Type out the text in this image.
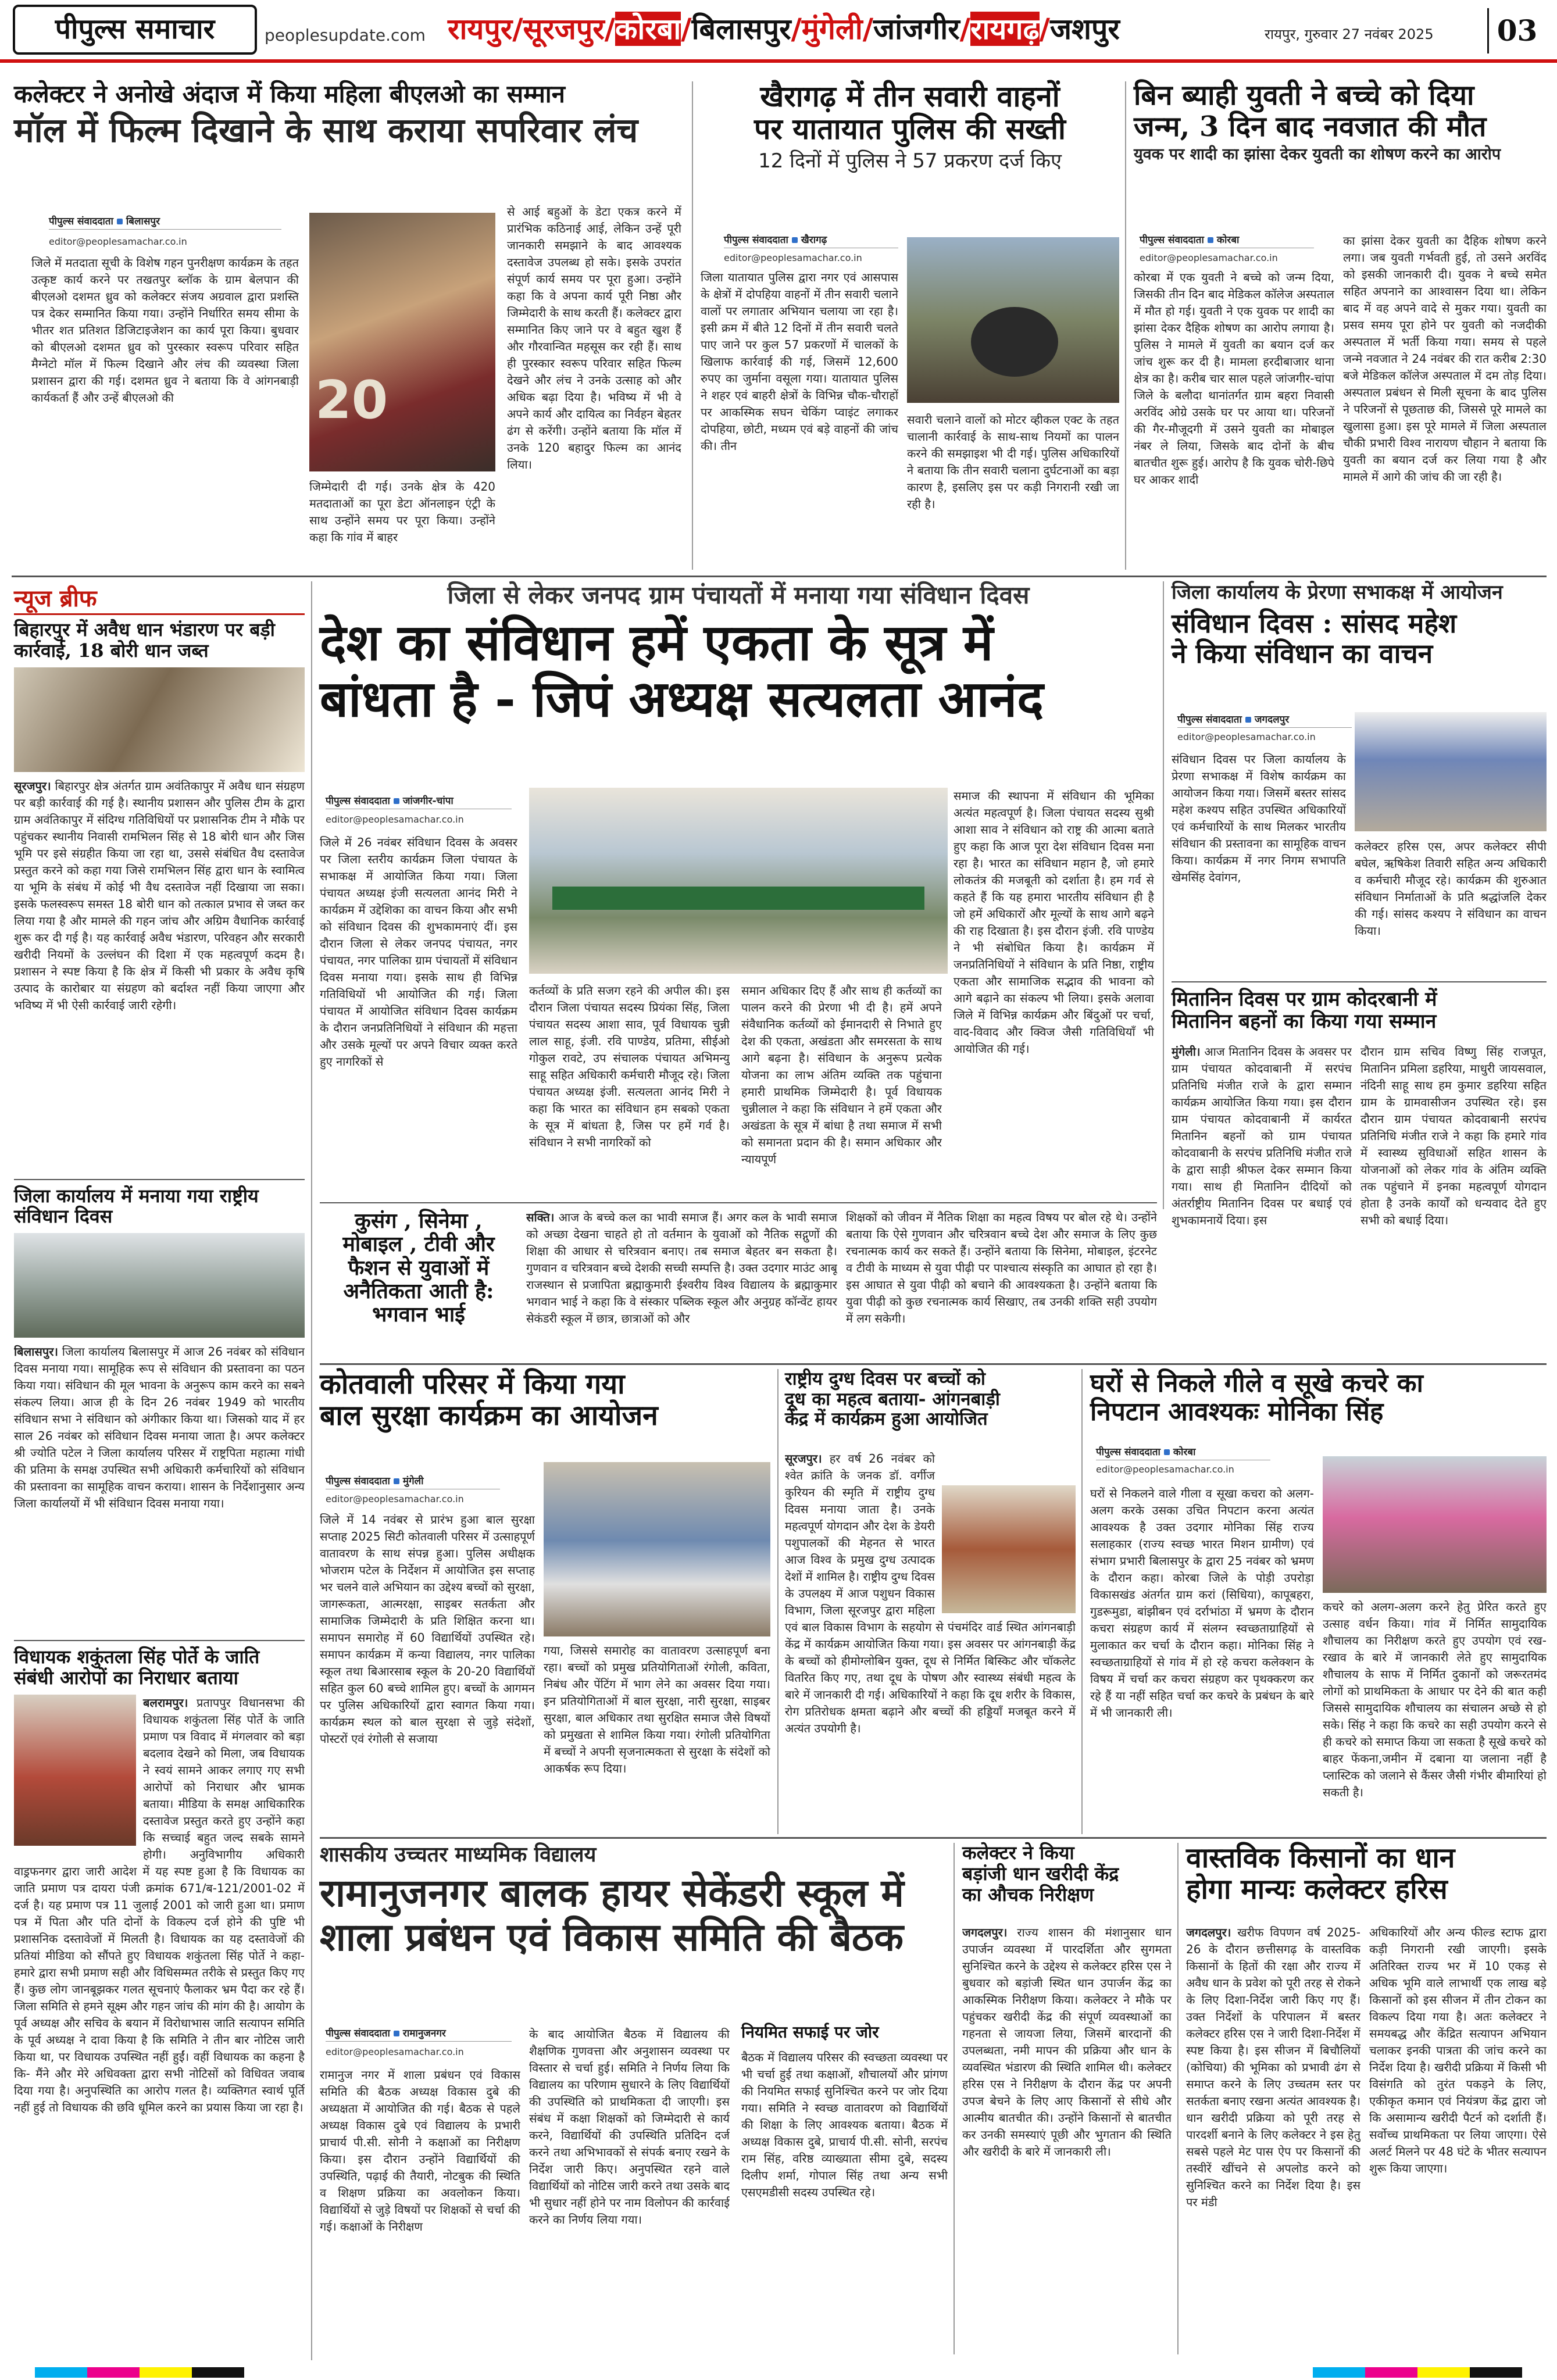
पीपुल्स समाचार	peoplesupdate.com रायपुर/सूरजपुर/कोरबा/बिलासपुर/मुंगेली/जांजगीर/रायगढ़/जशपुर	रायपुर, गुरुवार 27 नवंबर 2025 03
कलेक्टर ने अनोखे अंदाज में किया महिला बीएलओ का सम्मान
मॉल में फिल्म दिखाने के साथ कराया सपरिवार लंच
पीपुल्स संवाददाता बिलासपुर
editor@peoplesamachar.co.in
जिले में मतदाता सूची के विशेष गहन पुनरीक्षण कार्यक्रम के तहत उत्कृष्ट कार्य करने पर तखतपुर ब्लॉक के ग्राम बेलपान की बीएलओ दशमत ध्रुव को कलेक्टर संजय अग्रवाल द्वारा प्रशस्ति पत्र देकर सम्मानित किया गया। उन्होंने निर्धारित समय सीमा के भीतर शत प्रतिशत डिजिटाइजेशन का कार्य पूरा किया। बुधवार को बीएलओ दशमत ध्रुव को पुरस्कार स्वरूप परिवार सहित मैग्नेटो मॉल में फिल्म दिखाने और लंच की व्यवस्था जिला प्रशासन द्वारा की गई। दशमत ध्रुव ने बताया कि वे आंगनबाड़ी कार्यकर्ता हैं और उन्हें बीएलओ की	20
जिम्मेदारी दी गई। उनके क्षेत्र के 420 मतदाताओं का पूरा डेटा ऑनलाइन एंट्री के साथ उन्होंने समय पर पूरा किया। उन्होंने कहा कि गांव में बाहर
से आई बहुओं के डेटा एकत्र करने में प्रारंभिक कठिनाई आई, लेकिन उन्हें पूरी जानकारी समझाने के बाद आवश्यक दस्तावेज उपलब्ध हो सके। इसके उपरांत संपूर्ण कार्य समय पर पूरा हुआ। उन्होंने कहा कि वे अपना कार्य पूरी निष्ठा और जिम्मेदारी के साथ करती हैं। कलेक्टर द्वारा सम्मानित किए जाने पर वे बहुत खुश हैं और गौरवान्वित महसूस कर रही हैं। साथ ही पुरस्कार स्वरूप परिवार सहित फिल्म देखने और लंच ने उनके उत्साह को और अधिक बढ़ा दिया है। भविष्य में भी वे अपने कार्य और दायित्व का निर्वहन बेहतर ढंग से करेंगी। उन्होंने बताया कि मॉल में उनके 120 बहादुर फिल्म का आनंद लिया।
खैरागढ़ में तीन सवारी वाहनों
पर यातायात पुलिस की सख्ती
12 दिनों में पुलिस ने 57 प्रकरण दर्ज किए
पीपुल्स संवाददाता खैरागढ़
editor@peoplesamachar.co.in
जिला यातायात पुलिस द्वारा नगर एवं आसपास के क्षेत्रों में दोपहिया वाहनों में तीन सवारी चलाने वालों पर लगातार अभियान चलाया जा रहा है। इसी क्रम में बीते 12 दिनों में तीन सवारी चलते पाए जाने पर कुल 57 प्रकरणों में चालकों के खिलाफ कार्रवाई की गई, जिसमें 12,600 रुपए का जुर्माना वसूला गया। यातायात पुलिस ने शहर एवं बाहरी क्षेत्रों के विभिन्न चौक-चौराहों पर आकस्मिक सघन चेकिंग प्वाइंट लगाकर दोपहिया, छोटी, मध्यम एवं बड़े वाहनों की जांच की। तीन
सवारी चलाने वालों को मोटर व्हीकल एक्ट के तहत चालानी कार्रवाई के साथ-साथ नियमों का पालन करने की समझाइश भी दी गई। पुलिस अधिकारियों ने बताया कि तीन सवारी चलाना दुर्घटनाओं का बड़ा कारण है, इसलिए इस पर कड़ी निगरानी रखी जा रही है।
बिन ब्याही युवती ने बच्चे को दिया
जन्म, 3 दिन बाद नवजात की मौत
युवक पर शादी का झांसा देकर युवती का शोषण करने का आरोप
पीपुल्स संवाददाता कोरबा
editor@peoplesamachar.co.in
कोरबा में एक युवती ने बच्चे को जन्म दिया, जिसकी तीन दिन बाद मेडिकल कॉलेज अस्पताल में मौत हो गई। युवती ने एक युवक पर शादी का झांसा देकर दैहिक शोषण का आरोप लगाया है। पुलिस ने मामले में युवती का बयान दर्ज कर जांच शुरू कर दी है। मामला हरदीबाजार थाना क्षेत्र का है। करीब चार साल पहले जांजगीर-चांपा जिले के बलौदा थानांतर्गत ग्राम बहरा निवासी अरविंद ओग्रे उसके घर पर आया था। परिजनों की गैर-मौजूदगी में उसने युवती का मोबाइल नंबर ले लिया, जिसके बाद दोनों के बीच बातचीत शुरू हुई। आरोप है कि युवक चोरी-छिपे घर आकर शादी
का झांसा देकर युवती का दैहिक शोषण करने लगा। जब युवती गर्भवती हुई, तो उसने अरविंद को इसकी जानकारी दी। युवक ने बच्चे समेत सहित अपनाने का आश्वासन दिया था। लेकिन बाद में वह अपने वादे से मुकर गया। युवती का प्रसव समय पूरा होने पर युवती को नजदीकी अस्पताल में भर्ती किया गया। समय से पहले जन्मे नवजात ने 24 नवंबर की रात करीब 2:30 बजे मेडिकल कॉलेज अस्पताल में दम तोड़ दिया। अस्पताल प्रबंधन से मिली सूचना के बाद पुलिस ने परिजनों से पूछताछ की, जिससे पूरे मामले का खुलासा हुआ। इस पूरे मामले में जिला अस्पताल चौकी प्रभारी विश्व नारायण चौहान ने बताया कि युवती का बयान दर्ज कर लिया गया है और मामले में आगे की जांच की जा रही है।
न्यूज ब्रीफ
बिहारपुर में अवैध धान भंडारण पर बड़ी कार्रवाई, 18 बोरी धान जब्त
सूरजपुर। बिहारपुर क्षेत्र अंतर्गत ग्राम अवंतिकापुर में अवैध धान संग्रहण पर बड़ी कार्रवाई की गई है। स्थानीय प्रशासन और पुलिस टीम के द्वारा ग्राम अवंतिकापुर में संदिग्ध गतिविधियों पर प्रशासनिक टीम ने मौके पर पहुंचकर स्थानीय निवासी रामभिलन सिंह से 18 बोरी धान और जिस भूमि पर इसे संग्रहीत किया जा रहा था, उससे संबंधित वैध दस्तावेज प्रस्तुत करने को कहा गया जिसे रामभिलन सिंह द्वारा धान के स्वामित्व या भूमि के संबंध में कोई भी वैध दस्तावेज नहीं दिखाया जा सका। इसके फलस्वरूप समस्त 18 बोरी धान को तत्काल प्रभाव से जब्त कर लिया गया है और मामले की गहन जांच और अग्रिम वैधानिक कार्रवाई शुरू कर दी गई है। यह कार्रवाई अवैध भंडारण, परिवहन और सरकारी खरीदी नियमों के उल्लंघन की दिशा में एक महत्वपूर्ण कदम है। प्रशासन ने स्पष्ट किया है कि क्षेत्र में किसी भी प्रकार के अवैध कृषि उत्पाद के कारोबार या संग्रहण को बर्दाश्त नहीं किया जाएगा और भविष्य में भी ऐसी कार्रवाई जारी रहेगी।
जिला कार्यालय में मनाया गया राष्ट्रीय संविधान दिवस
बिलासपुर। जिला कार्यालय बिलासपुर में आज 26 नवंबर को संविधान दिवस मनाया गया। सामूहिक रूप से संविधान की प्रस्तावना का पठन किया गया। संविधान की मूल भावना के अनुरूप काम करने का सबने संकल्प लिया। आज ही के दिन 26 नवंबर 1949 को भारतीय संविधान सभा ने संविधान को अंगीकार किया था। जिसको याद में हर साल 26 नवंबर को संविधान दिवस मनाया जाता है। अपर कलेक्टर श्री ज्योति पटेल ने जिला कार्यालय परिसर में राष्ट्रपिता महात्मा गांधी की प्रतिमा के समक्ष उपस्थित सभी अधिकारी कर्मचारियों को संविधान की प्रस्तावना का सामूहिक वाचन कराया। शासन के निर्देशानुसार अन्य जिला कार्यालयों में भी संविधान दिवस मनाया गया।
विधायक शकुंतला सिंह पोर्ते के जाति संबंधी आरोपों का निराधार बताया
बलरामपुर। प्रतापपुर विधानसभा की विधायक शकुंतला सिंह पोर्ते के जाति प्रमाण पत्र विवाद में मंगलवार को बड़ा बदलाव देखने को मिला, जब विधायक ने स्वयं सामने आकर लगाए गए सभी आरोपों को निराधार और भ्रामक बताया। मीडिया के समक्ष आधिकारिक दस्तावेज प्रस्तुत करते हुए उन्होंने कहा कि सच्चाई बहुत जल्द सबके सामने होगी। अनुविभागीय अधिकारी वाड्रफनगर द्वारा जारी आदेश में यह स्पष्ट हुआ है कि विधायक का जाति प्रमाण पत्र दायरा पंजी क्रमांक 671/ब-121/2001-02 में दर्ज है। यह प्रमाण पत्र 11 जुलाई 2001 को जारी हुआ था। प्रमाण पत्र में पिता और पति दोनों के विकल्प दर्ज होने की पुष्टि भी प्रशासनिक दस्तावेजों में मिलती है। विधायक का यह दस्तावेजों की प्रतियां मीडिया को सौंपते हुए विधायक शकुंतला सिंह पोर्ते ने कहा- हमारे द्वारा सभी प्रमाण सही और विधिसम्मत तरीके से प्रस्तुत किए गए हैं। कुछ लोग जानबूझकर गलत सूचनाएं फैलाकर भ्रम पैदा कर रहे हैं। जिला समिति से हमने सूक्ष्म और गहन जांच की मांग की है। आयोग के पूर्व अध्यक्ष और सचिव के बयान में विरोधाभास जाति सत्यापन समिति के पूर्व अध्यक्ष ने दावा किया है कि समिति ने तीन बार नोटिस जारी किया था, पर विधायक उपस्थित नहीं हुईं। वहीं विधायक का कहना है कि- मैंने और मेरे अधिवक्ता द्वारा सभी नोटिसों को विधिवत जवाब दिया गया है। अनुपस्थिति का आरोप गलत है। व्यक्तिगत स्वार्थ पूर्ति नहीं हुई तो विधायक की छवि धूमिल करने का प्रयास किया जा रहा है।
जिला से लेकर जनपद ग्राम पंचायतों में मनाया गया संविधान दिवस
देश का संविधान हमें एकता के सूत्र में
बांधता है - जिपं अध्यक्ष सत्यलता आनंद
पीपुल्स संवाददाता जांजगीर-चांपा
editor@peoplesamachar.co.in
जिले में 26 नवंबर संविधान दिवस के अवसर पर जिला स्तरीय कार्यक्रम जिला पंचायत के सभाकक्ष में आयोजित किया गया। जिला पंचायत अध्यक्ष इंजी सत्यलता आनंद मिरी ने कार्यक्रम में उद्देशिका का वाचन किया और सभी को संविधान दिवस की शुभकामनाएं दीं। इस दौरान जिला से लेकर जनपद पंचायत, नगर पंचायत, नगर पालिका ग्राम पंचायतों में संविधान दिवस मनाया गया। इसके साथ ही विभिन्न गतिविधियों भी आयोजित की गई। जिला पंचायत में आयोजित संविधान दिवस कार्यक्रम के दौरान जनप्रतिनिधियों ने संविधान की महत्ता और उसके मूल्यों पर अपने विचार व्यक्त करते हुए नागरिकों से
कर्तव्यों के प्रति सजग रहने की अपील की। इस दौरान जिला पंचायत सदस्य प्रियंका सिंह, जिला पंचायत सदस्य आशा साव, पूर्व विधायक चुन्नी लाल साहू, इंजी. रवि पाण्डेय, प्रतिमा, सीईओ गोकुल रावटे, उप संचालक पंचायत अभिमन्यु साहू सहित अधिकारी कर्मचारी मौजूद रहे। जिला पंचायत अध्यक्ष इंजी. सत्यलता आनंद मिरी ने कहा कि भारत का संविधान हम सबको एकता के सूत्र में बांधता है, जिस पर हमें गर्व है। संविधान ने सभी नागरिकों को
समान अधिकार दिए हैं और साथ ही कर्तव्यों का पालन करने की प्रेरणा भी दी है। हमें अपने संवैधानिक कर्तव्यों को ईमानदारी से निभाते हुए देश की एकता, अखंडता और समरसता के साथ आगे बढ़ना है। संविधान के अनुरूप प्रत्येक योजना का लाभ अंतिम व्यक्ति तक पहुंचाना हमारी प्राथमिक जिम्मेदारी है। पूर्व विधायक चुन्नीलाल ने कहा कि संविधान ने हमें एकता और अखंडता के सूत्र में बांधा है तथा समाज में सभी को समानता प्रदान की है। समान अधिकार और न्यायपूर्ण
समाज की स्थापना में संविधान की भूमिका अत्यंत महत्वपूर्ण है। जिला पंचायत सदस्य सुश्री आशा साव ने संविधान को राष्ट्र की आत्मा बताते हुए कहा कि आज पूरा देश संविधान दिवस मना रहा है। भारत का संविधान महान है, जो हमारे लोकतंत्र की मजबूती को दर्शाता है। हम गर्व से कहते हैं कि यह हमारा भारतीय संविधान ही है जो हमें अधिकारों और मूल्यों के साथ आगे बढ़ने की राह दिखाता है। इस दौरान इंजी. रवि पाण्डेय ने भी संबोधित किया है। कार्यक्रम में जनप्रतिनिधियों ने संविधान के प्रति निष्ठा, राष्ट्रीय एकता और सामाजिक सद्भाव की भावना को आगे बढ़ाने का संकल्प भी लिया। इसके अलावा जिले में विभिन्न कार्यक्रम और बिंदुओं पर चर्चा, वाद-विवाद और क्विज जैसी गतिविधियाँ भी आयोजित की गई।
जिला कार्यालय के प्रेरणा सभाकक्ष में आयोजन
संविधान दिवस : सांसद महेश
ने किया संविधान का वाचन
पीपुल्स संवाददाता जगदलपुर
editor@peoplesamachar.co.in
संविधान दिवस पर जिला कार्यालय के प्रेरणा सभाकक्ष में विशेष कार्यक्रम का आयोजन किया गया। जिसमें बस्तर सांसद महेश कश्यप सहित उपस्थित अधिकारियों एवं कर्मचारियों के साथ मिलकर भारतीय संविधान की प्रस्तावना का सामूहिक वाचन किया। कार्यक्रम में नगर निगम सभापति खेमसिंह देवांगन,
कलेक्टर हरिस एस, अपर कलेक्टर सीपी बघेल, ऋषिकेश तिवारी सहित अन्य अधिकारी व कर्मचारी मौजूद रहे। कार्यक्रम की शुरुआत संविधान निर्माताओं के प्रति श्रद्धांजलि देकर की गई। सांसद कश्यप ने संविधान का वाचन किया।
मितानिन दिवस पर ग्राम कोदरबानी में
मितानिन बहनों का किया गया सम्मान
मुंगेली। आज मितानिन दिवस के अवसर पर ग्राम पंचायत कोदवाबानी में सरपंच प्रतिनिधि मंजीत राजे के द्वारा सम्मान कार्यक्रम आयोजित किया गया। इस दौरान ग्राम पंचायत कोदवाबानी में कार्यरत मितानिन बहनों को ग्राम पंचायत कोदवाबानी के सरपंच प्रतिनिधि मंजीत राजे के द्वारा साड़ी श्रीफल देकर सम्मान किया गया। साथ ही मितानिन दीदियों को अंतर्राष्ट्रीय मितानिन दिवस पर बधाई एवं शुभकामनायें दिया। इस
दौरान ग्राम सचिव विष्णु सिंह राजपूत, मितानिन प्रमिला डहरिया, माधुरी जायसवाल, नंदिनी साहू साथ हम कुमार डहरिया सहित ग्राम के ग्रामवासीजन उपस्थित रहे। इस दौरान ग्राम पंचायत कोदवाबानी सरपंच प्रतिनिधि मंजीत राजे ने कहा कि हमारे गांव में स्वास्थ्य सुविधाओं सहित शासन के योजनाओं को लेकर गांव के अंतिम व्यक्ति तक पहुंचाने में इनका महत्वपूर्ण योगदान होता है उनके कार्यों को धन्यवाद देते हुए सभी को बधाई दिया।
कुसंग , सिनेमा ,
मोबाइल , टीवी और
फैशन से युवाओं में
अनैतिकता आती है:
भगवान भाई
सक्ति। आज के बच्चे कल का भावी समाज हैं। अगर कल के भावी समाज को अच्छा देखना चाहते हो तो वर्तमान के युवाओं को नैतिक सद्गुणों की शिक्षा की आधार से चरित्रवान बनाए। तब समाज बेहतर बन सकता है। गुणवान व चरित्रवान बच्चे देशकी सच्ची सम्पत्ति है। उक्त उदगार माउंट आबू राजस्थान से प्रजापिता ब्रह्माकुमारी ईश्वरीय विश्व विद्यालय के ब्रह्माकुमार भगवान भाई ने कहा कि वे संस्कार पब्लिक स्कूल और अनुग्रह कॉन्वेंट हायर सेकंडरी स्कूल में छात्र, छात्राओं को और
शिक्षकों को जीवन में नैतिक शिक्षा का महत्व विषय पर बोल रहे थे। उन्होंने बताया कि ऐसे गुणवान और चरित्रवान बच्चे देश और समाज के लिए कुछ रचनात्मक कार्य कर सकते हैं। उन्होंने बताया कि सिनेमा, मोबाइल, इंटरनेट व टीवी के माध्यम से युवा पीढ़ी पर पाश्चात्य संस्कृति का आघात हो रहा है। इस आघात से युवा पीढ़ी को बचाने की आवश्यकता है। उन्होंने बताया कि युवा पीढ़ी को कुछ रचनात्मक कार्य सिखाए, तब उनकी शक्ति सही उपयोग में लग सकेगी।
कोतवाली परिसर में किया गया
बाल सुरक्षा कार्यक्रम का आयोजन
पीपुल्स संवाददाता मुंगेली
editor@peoplesamachar.co.in
जिले में 14 नवंबर से प्रारंभ हुआ बाल सुरक्षा सप्ताह 2025 सिटी कोतवाली परिसर में उत्साहपूर्ण वातावरण के साथ संपन्न हुआ। पुलिस अधीक्षक भोजराम पटेल के निर्देशन में आयोजित इस सप्ताह भर चलने वाले अभियान का उद्देश्य बच्चों को सुरक्षा, जागरूकता, आत्मरक्षा, साइबर सतर्कता और सामाजिक जिम्मेदारी के प्रति शिक्षित करना था। समापन समारोह में 60 विद्यार्थियों उपस्थित रहे। समापन कार्यक्रम में कन्या विद्यालय, नगर पालिका स्कूल तथा बिआरसाब स्कूल के 20-20 विद्यार्थियों सहित कुल 60 बच्चे शामिल हुए। बच्चों के आगमन पर पुलिस अधिकारियों द्वारा स्वागत किया गया। कार्यक्रम स्थल को बाल सुरक्षा से जुड़े संदेशों, पोस्टरों एवं रंगोली से सजाया
गया, जिससे समारोह का वातावरण उत्साहपूर्ण बना रहा। बच्चों को प्रमुख प्रतियोगिताओं रंगोली, कविता, निबंध और पेंटिंग में भाग लेने का अवसर दिया गया। इन प्रतियोगिताओं में बाल सुरक्षा, नारी सुरक्षा, साइबर सुरक्षा, बाल अधिकार तथा सुरक्षित समाज जैसे विषयों को प्रमुखता से शामिल किया गया। रंगोली प्रतियोगिता में बच्चों ने अपनी सृजनात्मकता से सुरक्षा के संदेशों को आकर्षक रूप दिया।
राष्ट्रीय दुग्ध दिवस पर बच्चों को
दूध का महत्व बताया- आंगनबाड़ी
केंद्र में कार्यक्रम हुआ आयोजित
सूरजपुर। हर वर्ष 26 नवंबर को श्वेत क्रांति के जनक डॉ. वर्गीज कुरियन की स्मृति में राष्ट्रीय दुग्ध दिवस मनाया जाता है। उनके महत्वपूर्ण योगदान और देश के डेयरी पशुपालकों की मेहनत से भारत आज विश्व के प्रमुख दुग्ध उत्पादक देशों में शामिल है। राष्ट्रीय दुग्ध दिवस के उपलक्ष्य में आज पशुधन विकास विभाग, जिला सूरजपुर द्वारा महिला एवं बाल विकास विभाग के सहयोग से पंचमंदिर वार्ड स्थित आंगनबाड़ी केंद्र में कार्यक्रम आयोजित किया गया। इस अवसर पर आंगनबाड़ी केंद्र के बच्चों को हीमोग्लोबिन युक्त, दूध से निर्मित बिस्किट और चॉकलेट वितरित किए गए, तथा दूध के पोषण और स्वास्थ्य संबंधी महत्व के बारे में जानकारी दी गई। अधिकारियों ने कहा कि दूध शरीर के विकास, रोग प्रतिरोधक क्षमता बढ़ाने और बच्चों की हड्डियाँ मजबूत करने में अत्यंत उपयोगी है।
घरों से निकले गीले व सूखे कचरे का
निपटान आवश्यकः मोनिका सिंह
पीपुल्स संवाददाता कोरबा
editor@peoplesamachar.co.in
घरों से निकलने वाले गीला व सूखा कचरा को अलग-अलग करके उसका उचित निपटान करना अत्यंत आवश्यक है उक्त उदगार मोनिका सिंह राज्य सलाहकार (राज्य स्वच्छ भारत मिशन ग्रामीण) एवं संभाग प्रभारी बिलासपुर के द्वारा 25 नवंबर को भ्रमण के दौरान कहा। कोरबा जिले के पोड़ी उपरोड़ा विकासखंड अंतर्गत ग्राम करां (सिधिया), कापूबहरा, गुडरूमुडा, बांझीबन एवं दर्राभांठा में भ्रमण के दौरान कचरा संग्रहण कार्य में संलग्न स्वच्छताग्राहियों से मुलाकात कर चर्चा के दौरान कहा। मोनिका सिंह ने स्वच्छताग्राहियों से गांव में हो रहे कचरा कलेक्शन के विषय में चर्चा कर कचरा संग्रहण कर पृथक्करण कर रहे हैं या नहीं सहित चर्चा कर कचरे के प्रबंधन के बारे में भी जानकारी ली।
कचरे को अलग-अलग करने हेतु प्रेरित करते हुए उत्साह वर्धन किया। गांव में निर्मित सामुदायिक शौचालय का निरीक्षण करते हुए उपयोग एवं रख-रखाव के बारे में जानकारी लेते हुए सामुदायिक शौचालय के साफ में निर्मित दुकानों को जरूरतमंद लोगों को प्राथमिकता के आधार पर देने की बात कही जिससे सामुदायिक शौचालय का संचालन अच्छे से हो सके। सिंह ने कहा कि कचरे का सही उपयोग करने से ही कचरे को समाप्त किया जा सकता है सूखे कचरे को बाहर फेंकना,जमीन में दबाना या जलाना नहीं है प्लास्टिक को जलाने से कैंसर जैसी गंभीर बीमारियां हो सकती है।
शासकीय उच्चतर माध्यमिक विद्यालय
रामानुजनगर बालक हायर सेकेंडरी स्कूल में
शाला प्रबंधन एवं विकास समिति की बैठक
पीपुल्स संवाददाता रामानुजनगर
editor@peoplesamachar.co.in
रामानुज नगर में शाला प्रबंधन एवं विकास समिति की बैठक अध्यक्ष विकास दुबे की अध्यक्षता में आयोजित की गई। बैठक से पहले अध्यक्ष विकास दुबे एवं विद्यालय के प्रभारी प्राचार्य पी.सी. सोनी ने कक्षाओं का निरीक्षण किया। इस दौरान उन्होंने विद्यार्थियों की उपस्थिति, पढ़ाई की तैयारी, नोटबुक की स्थिति व शिक्षण प्रक्रिया का अवलोकन किया। विद्यार्थियों से जुड़े विषयों पर शिक्षकों से चर्चा की गई। कक्षाओं के निरीक्षण
के बाद आयोजित बैठक में विद्यालय की शैक्षणिक गुणवत्ता और अनुशासन व्यवस्था पर विस्तार से चर्चा हुई। समिति ने निर्णय लिया कि विद्यालय का परिणाम सुधारने के लिए विद्यार्थियों की उपस्थिति को प्राथमिकता दी जाएगी। इस संबंध में कक्षा शिक्षकों को जिम्मेदारी से कार्य करने, विद्यार्थियों की उपस्थिति प्रतिदिन दर्ज करने तथा अभिभावकों से संपर्क बनाए रखने के निर्देश जारी किए। अनुपस्थित रहने वाले विद्यार्थियों को नोटिस जारी करने तथा उसके बाद भी सुधार नहीं होने पर नाम विलोपन की कार्रवाई करने का निर्णय लिया गया।
नियमित सफाई पर जोर
बैठक में विद्यालय परिसर की स्वच्छता व्यवस्था पर भी चर्चा हुई तथा कक्षाओं, शौचालयों और प्रांगण की नियमित सफाई सुनिश्चित करने पर जोर दिया गया। समिति ने स्वच्छ वातावरण को विद्यार्थियों की शिक्षा के लिए आवश्यक बताया। बैठक में अध्यक्ष विकास दुबे, प्राचार्य पी.सी. सोनी, सरपंच राम सिंह, वरिष्ठ व्याख्याता सीमा दुबे, सदस्य दिलीप शर्मा, गोपाल सिंह तथा अन्य सभी एसएमडीसी सदस्य उपस्थित रहे।
कलेक्टर ने किया
बड़ांजी धान खरीदी केंद्र
का औचक निरीक्षण
जगदलपुर। राज्य शासन की मंशानुसार धान उपार्जन व्यवस्था में पारदर्शिता और सुगमता सुनिश्चित करने के उद्देश्य से कलेक्टर हरिस एस ने बुधवार को बड़ांजी स्थित धान उपार्जन केंद्र का आकस्मिक निरीक्षण किया। कलेक्टर ने मौके पर पहुंचकर खरीदी केंद्र की संपूर्ण व्यवस्थाओं का गहनता से जायजा लिया, जिसमें बारदानों की उपलब्धता, नमी मापन की प्रक्रिया और धान के व्यवस्थित भंडारण की स्थिति शामिल थी। कलेक्टर हरिस एस ने निरीक्षण के दौरान केंद्र पर अपनी उपज बेचने के लिए आए किसानों से सीधे और आत्मीय बातचीत की। उन्होंने किसानों से बातचीत कर उनकी समस्याएं पूछी और भुगतान की स्थिति और खरीदी के बारे में जानकारी ली।
वास्तविक किसानों का धान
होगा मान्यः कलेक्टर हरिस
जगदलपुर। खरीफ विपणन वर्ष 2025-26 के दौरान छत्तीसगढ़ के वास्तविक किसानों के हितों की रक्षा और राज्य में अवैध धान के प्रवेश को पूरी तरह से रोकने के लिए दिशा-निर्देश जारी किए गए हैं। उक्त निर्देशों के परिपालन में बस्तर कलेक्टर हरिस एस ने जारी दिशा-निर्देश में स्पष्ट किया है। इस सीजन में बिचौलियों (कोचिया) की भूमिका को प्रभावी ढंग से समाप्त करने के लिए उच्चतम स्तर पर सतर्कता बनाए रखना अत्यंत आवश्यक है। धान खरीदी प्रक्रिया को पूरी तरह से पारदर्शी बनाने के लिए कलेक्टर ने इस हेतु सबसे पहले मेट पास ऐप पर किसानों की तस्वीरें खींचने से अपलोड करने को सुनिश्चित करने का निर्देश दिया है। इस पर मंडी
अधिकारियों और अन्य फील्ड स्टाफ द्वारा कड़ी निगरानी रखी जाएगी। इसके अतिरिक्त राज्य भर में 10 एकड़ से अधिक भूमि वाले लाभार्थी एक लाख बड़े किसानों को इस सीजन में तीन टोकन का विकल्प दिया गया है। अतः कलेक्टर ने समयबद्ध और केंद्रित सत्यापन अभियान चलाकर इनकी पात्रता की जांच करने का निर्देश दिया है। खरीदी प्रक्रिया में किसी भी विसंगति को तुरंत पकड़ने के लिए, एकीकृत कमान एवं नियंत्रण केंद्र द्वारा जो कि असामान्य खरीदी पैटर्न को दर्शाती हैं। सर्वोच्च प्राथमिकता पर लिया जाएगा। ऐसे अलर्ट मिलने पर 48 घंटे के भीतर सत्यापन शुरू किया जाएगा।
